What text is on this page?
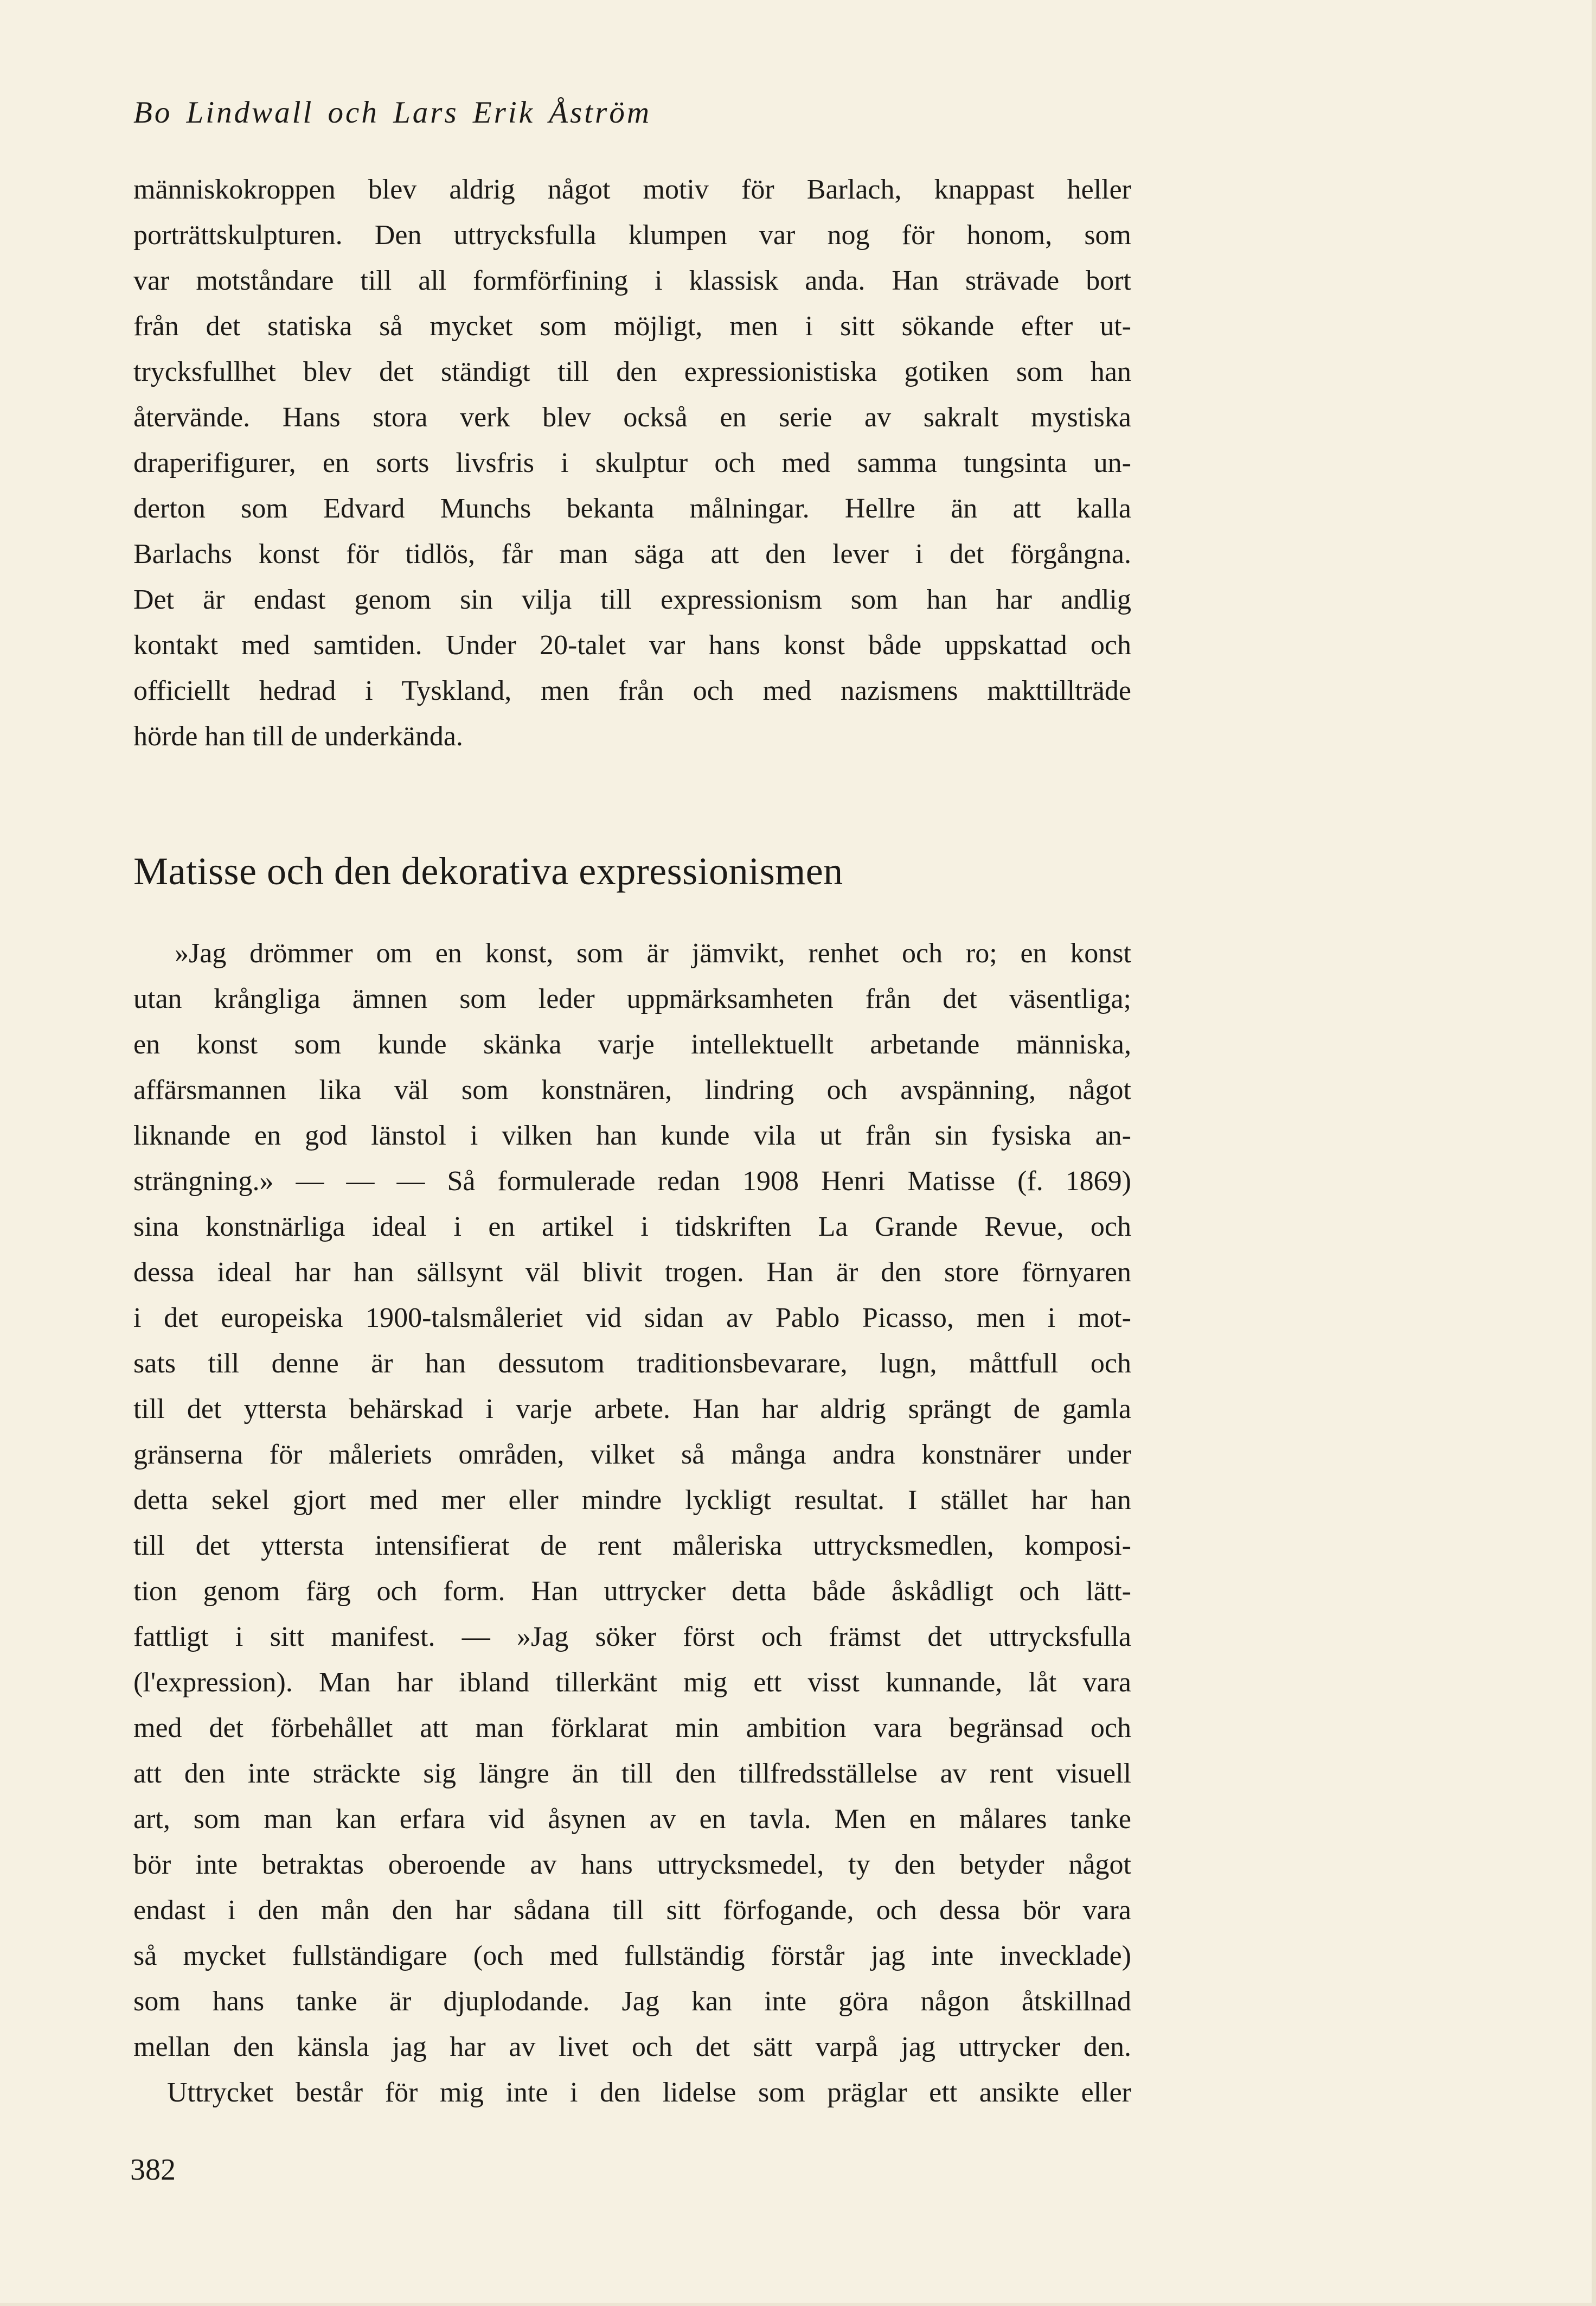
Bo Lindwall och Lars Erik Åström
människokroppen blev aldrig något motiv för Barlach, knappast heller
porträttskulpturen. Den uttrycksfulla klumpen var nog för honom, som
var motståndare till all formförfining i klassisk anda. Han strävade bort
från det statiska så mycket som möjligt, men i sitt sökande efter ut-
trycksfullhet blev det ständigt till den expressionistiska gotiken som han
återvände. Hans stora verk blev också en serie av sakralt mystiska
draperifigurer, en sorts livsfris i skulptur och med samma tungsinta un-
derton som Edvard Munchs bekanta målningar. Hellre än att kalla
Barlachs konst för tidlös, får man säga att den lever i det förgångna.
Det är endast genom sin vilja till expressionism som han har andlig
kontakt med samtiden. Under 20-talet var hans konst både uppskattad och
officiellt hedrad i Tyskland, men från och med nazismens makttillträde
hörde han till de underkända.
Matisse och den dekorativa expressionismen
»Jag drömmer om en konst, som är jämvikt, renhet och ro; en konst
utan krångliga ämnen som leder uppmärksamheten från det väsentliga;
en konst som kunde skänka varje intellektuellt arbetande människa,
affärsmannen lika väl som konstnären, lindring och avspänning, något
liknande en god länstol i vilken han kunde vila ut från sin fysiska an-
strängning.» — — — Så formulerade redan 1908 Henri Matisse (f. 1869)
sina konstnärliga ideal i en artikel i tidskriften La Grande Revue, och
dessa ideal har han sällsynt väl blivit trogen. Han är den store förnyaren
i det europeiska 1900-talsmåleriet vid sidan av Pablo Picasso, men i mot-
sats till denne är han dessutom traditionsbevarare, lugn, måttfull och
till det yttersta behärskad i varje arbete. Han har aldrig sprängt de gamla
gränserna för måleriets områden, vilket så många andra konstnärer under
detta sekel gjort med mer eller mindre lyckligt resultat. I stället har han
till det yttersta intensifierat de rent måleriska uttrycksmedlen, komposi-
tion genom färg och form. Han uttrycker detta både åskådligt och lätt-
fattligt i sitt manifest. — »Jag söker först och främst det uttrycksfulla
(l'expression). Man har ibland tillerkänt mig ett visst kunnande, låt vara
med det förbehållet att man förklarat min ambition vara begränsad och
att den inte sträckte sig längre än till den tillfredsställelse av rent visuell
art, som man kan erfara vid åsynen av en tavla. Men en målares tanke
bör inte betraktas oberoende av hans uttrycksmedel, ty den betyder något
endast i den mån den har sådana till sitt förfogande, och dessa bör vara
så mycket fullständigare (och med fullständig förstår jag inte invecklade)
som hans tanke är djuplodande. Jag kan inte göra någon åtskillnad
mellan den känsla jag har av livet och det sätt varpå jag uttrycker den.
Uttrycket består för mig inte i den lidelse som präglar ett ansikte eller
382
